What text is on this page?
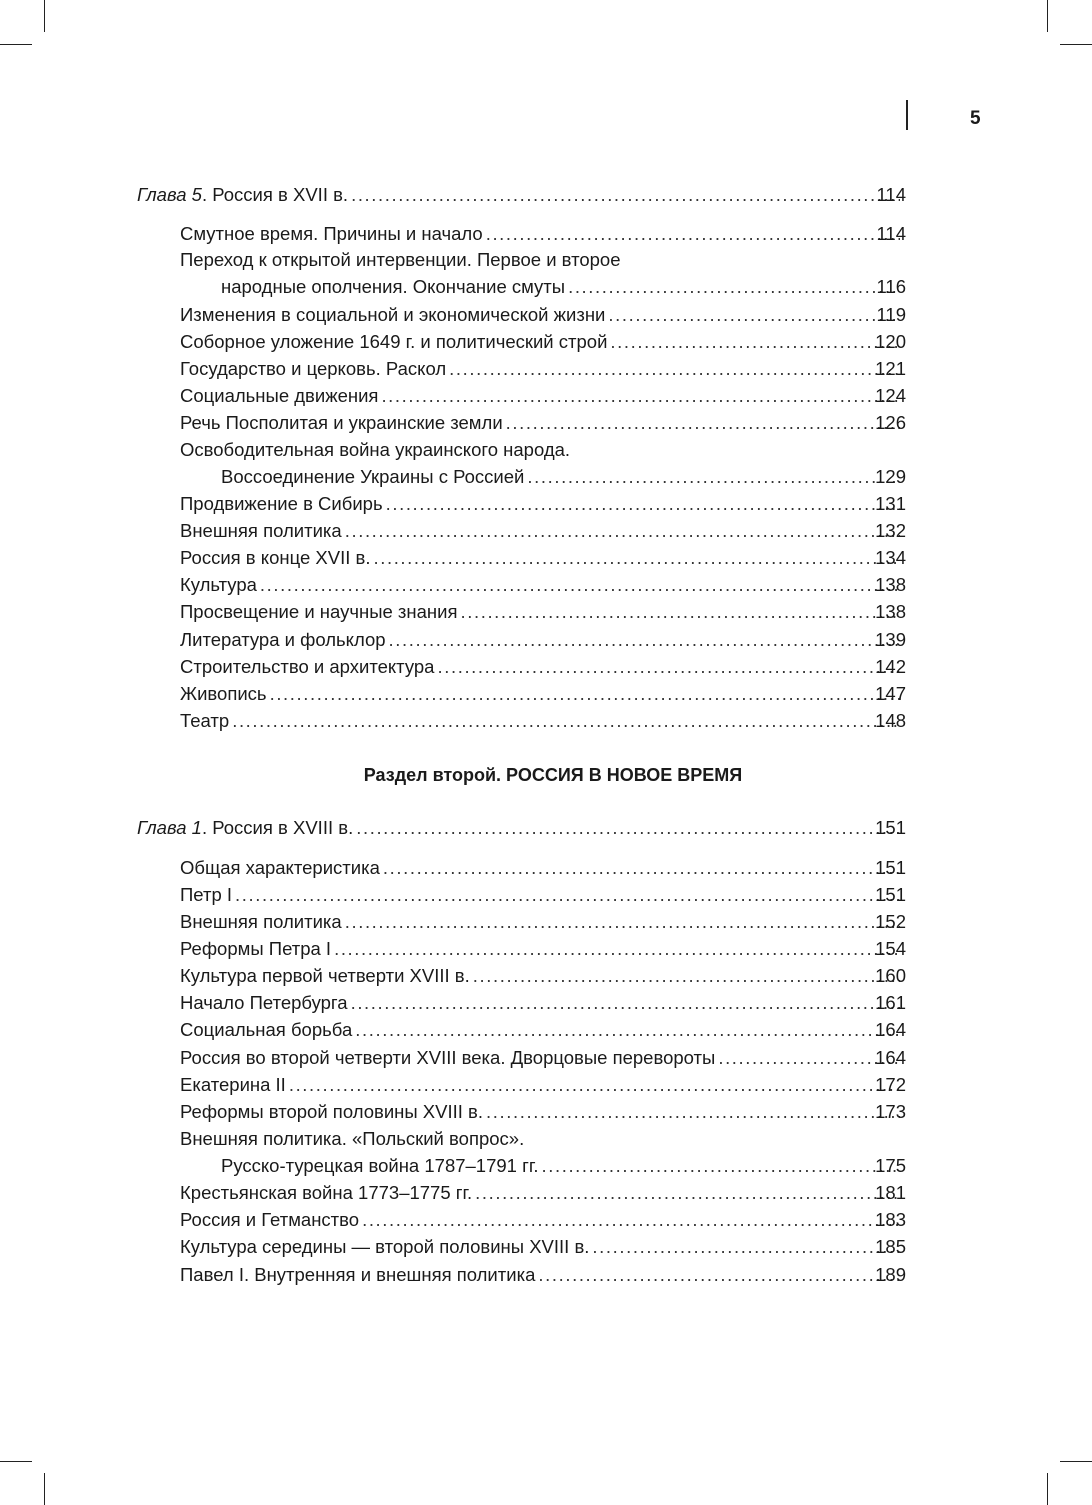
5
Глава 5. Россия в XVII в. .....	114
Смутное время. Причины и начало .....	114
Переход к открытой интервенции. Первое и второе
народные ополчения. Окончание смуты .....	116
Изменения в социальной и экономической жизни .....	119
Соборное уложение 1649 г. и политический строй .....	120
Государство и церковь. Раскол .....	121
Социальные движения .....	124
Речь Посполитая и украинские земли .....	126
Освободительная война украинского народа.
Воссоединение Украины с Россией .....	129
Продвижение в Сибирь .....	131
Внешняя политика .....	132
Россия в конце XVII в. .....	134
Культура .....	138
Просвещение и научные знания .....	138
Литература и фольклор .....	139
Строительство и архитектура .....	142
Живопись .....	147
Театр .....	148
Раздел второй. РОССИЯ В НОВОЕ ВРЕМЯ
Глава 1. Россия в XVIII в. .....	151
Общая характеристика .....	151
Петр I .....	151
Внешняя политика .....	152
Реформы Петра I .....	154
Культура первой четверти XVIII в. .....	160
Начало Петербурга .....	161
Социальная борьба .....	164
Россия во второй четверти XVIII века. Дворцовые перевороты .....	164
Екатерина II .....	172
Реформы второй половины XVIII в. .....	173
Внешняя политика. «Польский вопрос».
Русско-турецкая война 1787–1791 гг. .....	175
Крестьянская война 1773–1775 гг. .....	181
Россия и Гетманство .....	183
Культура середины — второй половины XVIII в. .....	185
Павел I. Внутренняя и внешняя политика .....	189
